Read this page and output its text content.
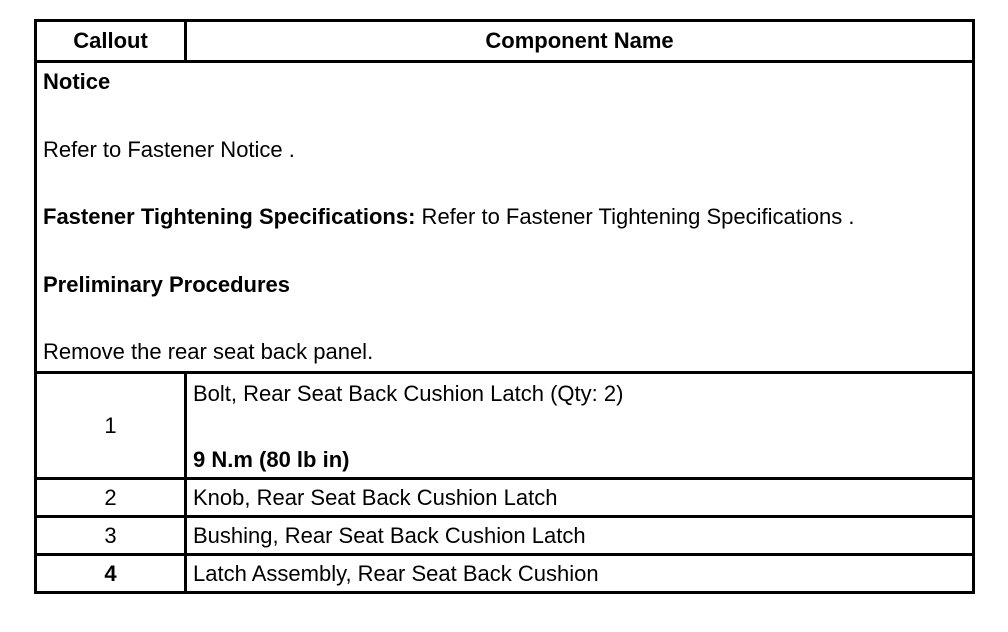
Callout	Component Name

Notice

Refer to Fastener Notice .

Fastener Tightening Specifications: Refer to Fastener Tightening Specifications .

Preliminary Procedures

Remove the rear seat back panel.	

1	Bolt, Rear Seat Back Cushion Latch (Qty: 2)
9 N.m (80 lb in)

2	Knob, Rear Seat Back Cushion Latch
3	Bushing, Rear Seat Back Cushion Latch
4	Latch Assembly, Rear Seat Back Cushion
